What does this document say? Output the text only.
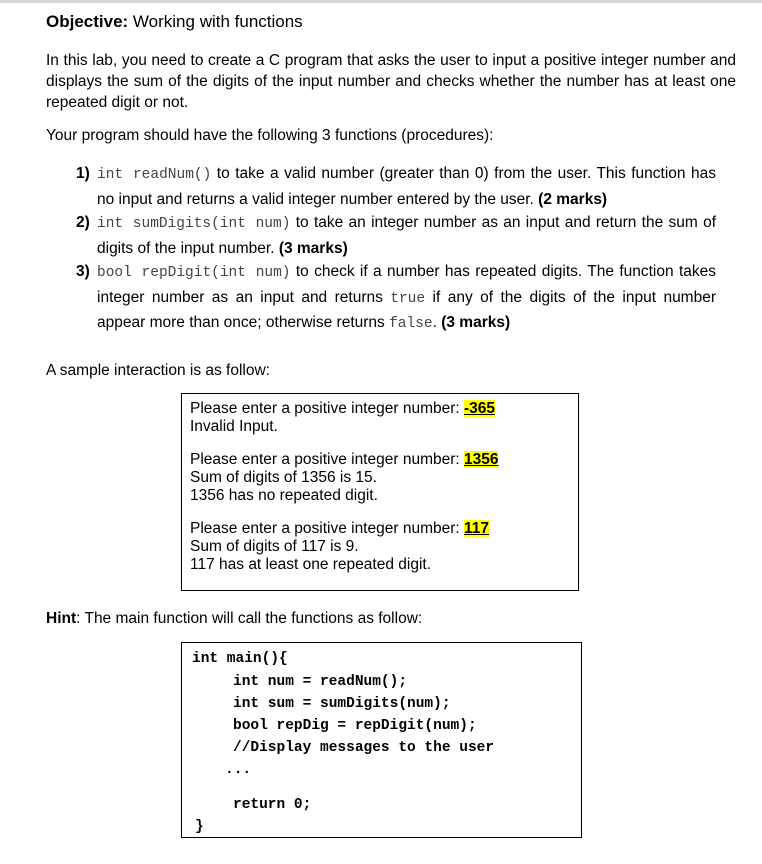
Objective: Working with functions
In this lab, you need to create a C program that asks the user to input a positive integer number and displays the sum of the digits of the input number and checks whether the number has at least one repeated digit or not.
Your program should have the following 3 functions (procedures):
1) int readNum() to take a valid number (greater than 0) from the user. This function has no input and returns a valid integer number entered by the user. (2 marks)
2) int sumDigits(int num) to take an integer number as an input and return the sum of digits of the input number. (3 marks)
3) bool repDigit(int num) to check if a number has repeated digits. The function takes integer number as an input and returns true if any of the digits of the input number appear more than once; otherwise returns false. (3 marks)
A sample interaction is as follow:
Please enter a positive integer number: -365
Invalid Input.
Please enter a positive integer number: 1356
Sum of digits of 1356 is 15.
1356 has no repeated digit.
Please enter a positive integer number: 117
Sum of digits of 117 is 9.
117 has at least one repeated digit.
Hint: The main function will call the functions as follow:
int main(){
int num = readNum();
int sum = sumDigits(num);
bool repDig = repDigit(num);
//Display messages to the user
...
return 0;
}
